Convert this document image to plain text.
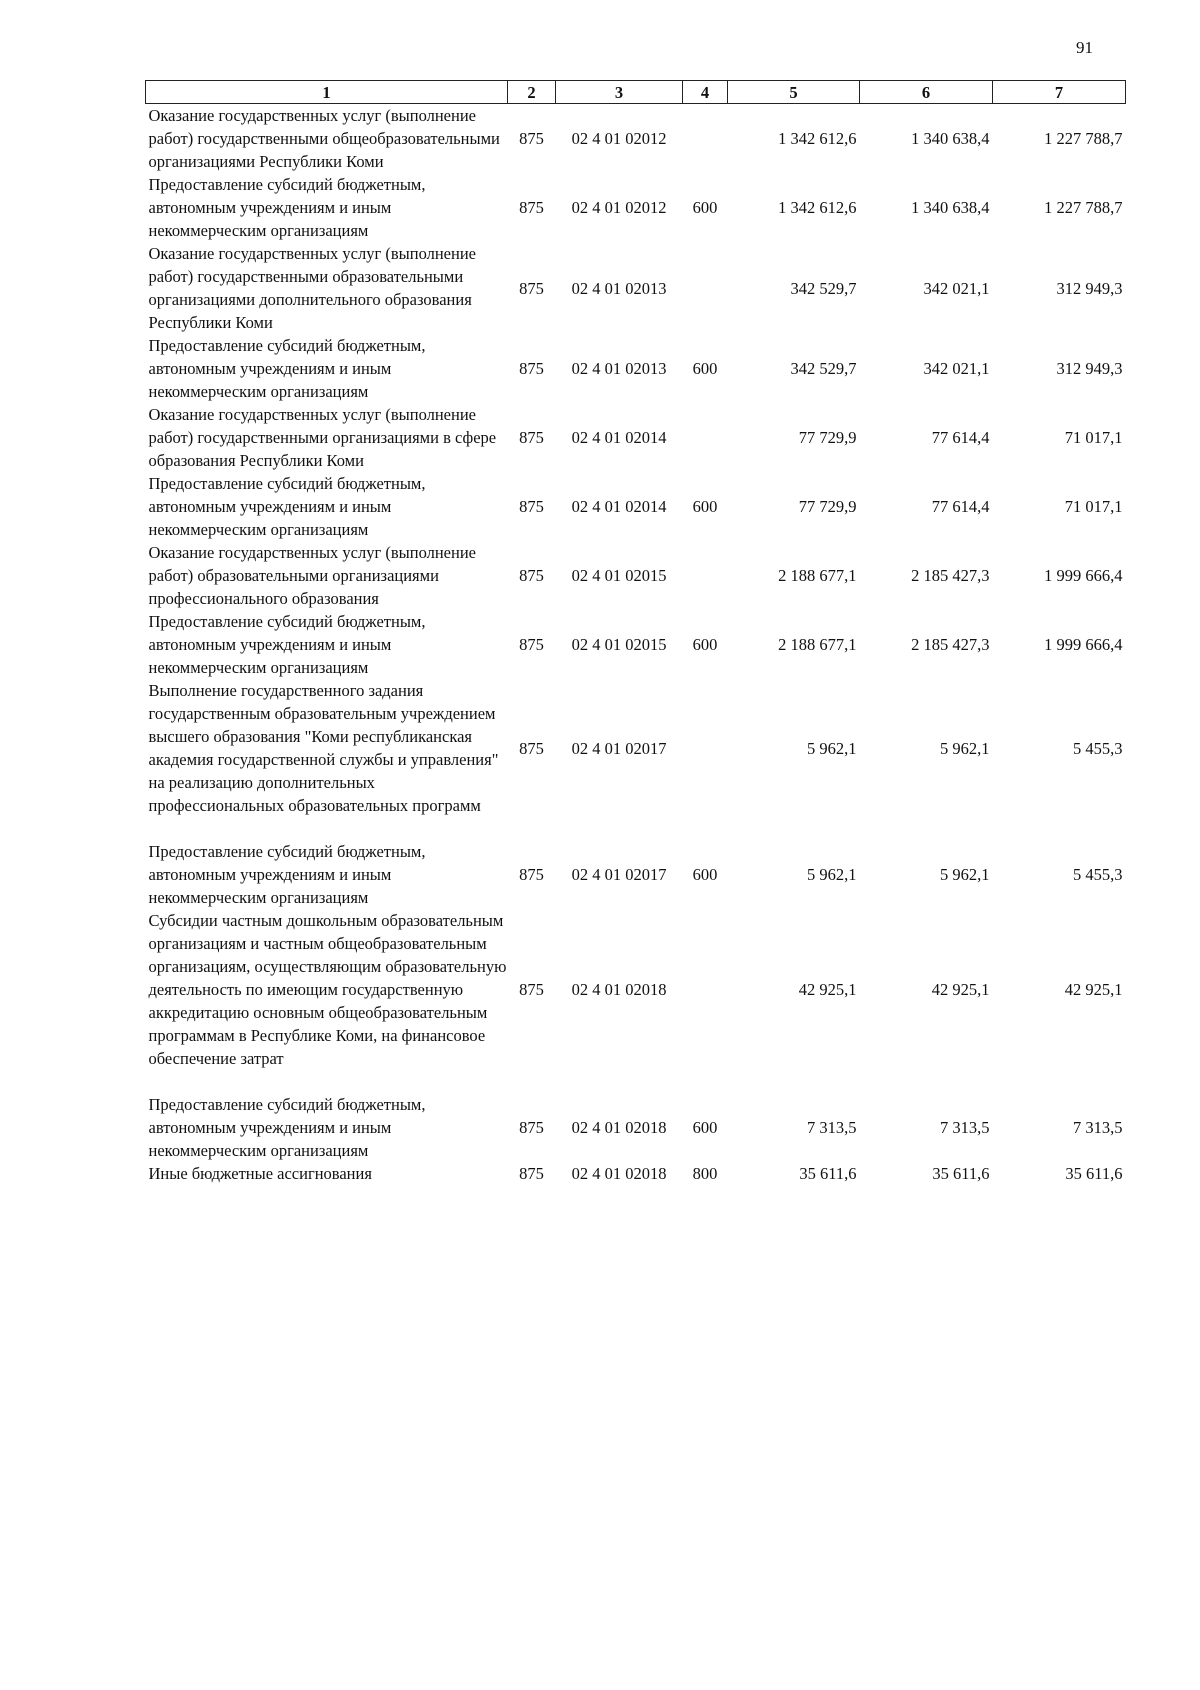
91
1	2	3	4	5	6	7
Оказание государственных услуг (выполнение работ) государственными общеобразовательными организациями Республики Коми	875	02 4 01 02012		1 342 612,6	1 340 638,4	1 227 788,7
Предоставление субсидий бюджетным, автономным учреждениям и иным некоммерческим организациям	875	02 4 01 02012	600	1 342 612,6	1 340 638,4	1 227 788,7
Оказание государственных услуг (выполнение работ) государственными образовательными организациями дополнительного образования Республики Коми	875	02 4 01 02013		342 529,7	342 021,1	312 949,3
Предоставление субсидий бюджетным, автономным учреждениям и иным некоммерческим организациям	875	02 4 01 02013	600	342 529,7	342 021,1	312 949,3
Оказание государственных услуг (выполнение работ) государственными организациями в сфере образования Республики Коми	875	02 4 01 02014		77 729,9	77 614,4	71 017,1
Предоставление субсидий бюджетным, автономным учреждениям и иным некоммерческим организациям	875	02 4 01 02014	600	77 729,9	77 614,4	71 017,1
Оказание государственных услуг (выполнение работ) образовательными организациями профессионального образования	875	02 4 01 02015		2 188 677,1	2 185 427,3	1 999 666,4
Предоставление субсидий бюджетным, автономным учреждениям и иным некоммерческим организациям	875	02 4 01 02015	600	2 188 677,1	2 185 427,3	1 999 666,4
Выполнение государственного задания государственным образовательным учреждением высшего образования "Коми республиканская академия государственной службы и управления" на реализацию дополнительных профессиональных образовательных программ	875	02 4 01 02017		5 962,1	5 962,1	5 455,3
Предоставление субсидий бюджетным, автономным учреждениям и иным некоммерческим организациям	875	02 4 01 02017	600	5 962,1	5 962,1	5 455,3
Субсидии частным дошкольным образовательным организациям и частным общеобразовательным организациям, осуществляющим образовательную деятельность по имеющим государственную аккредитацию основным общеобразовательным программам в Республике Коми, на финансовое обеспечение затрат	875	02 4 01 02018		42 925,1	42 925,1	42 925,1
Предоставление субсидий бюджетным, автономным учреждениям и иным некоммерческим организациям	875	02 4 01 02018	600	7 313,5	7 313,5	7 313,5
Иные бюджетные ассигнования	875	02 4 01 02018	800	35 611,6	35 611,6	35 611,6
